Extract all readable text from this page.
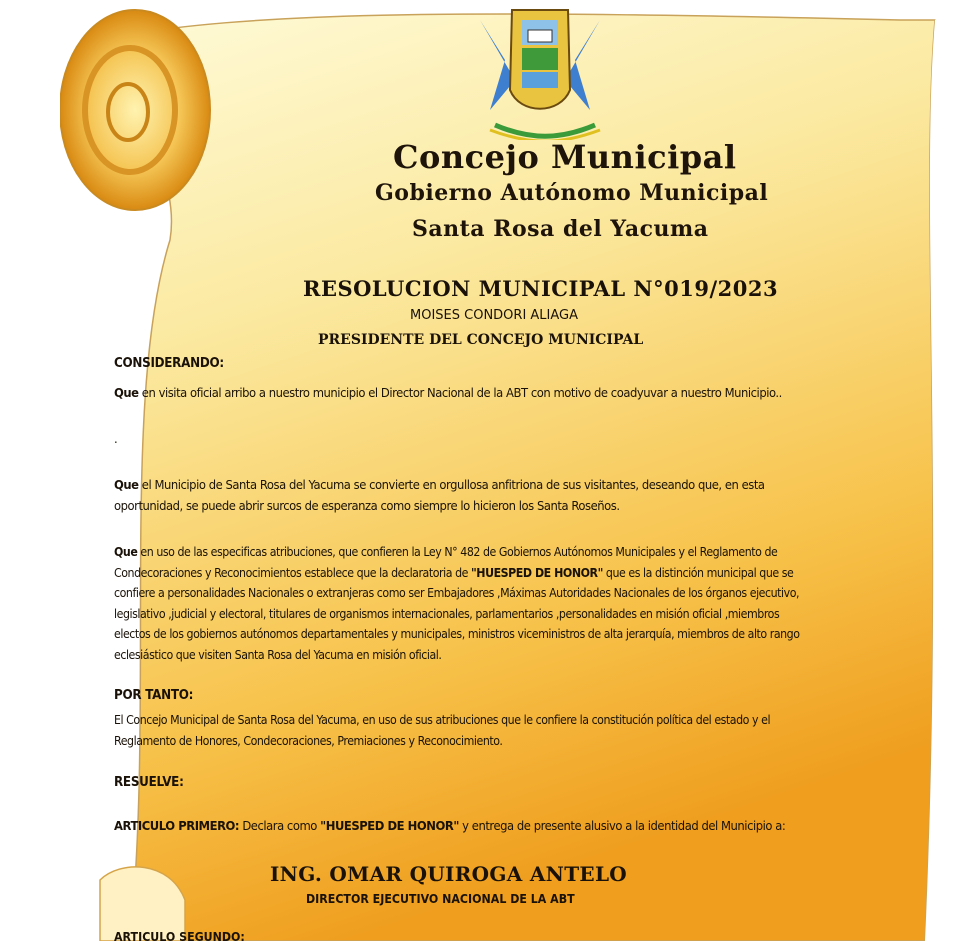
Concejo Municipal
Gobierno Autónomo Municipal
Santa Rosa del Yacuma
RESOLUCION MUNICIPAL N°019/2023
MOISES CONDORI ALIAGA
PRESIDENTE DEL CONCEJO MUNICIPAL
CONSIDERANDO:
Que en visita oficial arribo a nuestro municipio el Director Nacional de la ABT con motivo de coadyuvar a nuestro Municipio..
.
Que el Municipio de Santa Rosa del Yacuma se convierte en orgullosa anfitriona de sus visitantes, deseando que, en esta oportunidad, se puede abrir surcos de esperanza como siempre lo hicieron los Santa Roseños.
Que en uso de las especificas atribuciones, que confieren la Ley N° 482 de Gobiernos Autónomos Municipales y el Reglamento de Condecoraciones y Reconocimientos establece que la declaratoria de "HUESPED DE HONOR" que es la distinción municipal que se confiere a personalidades Nacionales o extranjeras como ser Embajadores ,Máximas Autoridades Nacionales de los órganos ejecutivo, legislativo ,judicial y electoral, titulares de organismos internacionales, parlamentarios ,personalidades en misión oficial ,miembros electos de los gobiernos autónomos departamentales y municipales, ministros viceministros de alta jerarquía, miembros de alto rango eclesiástico que visiten Santa Rosa del Yacuma en misión oficial.
POR TANTO:
El Concejo Municipal de Santa Rosa del Yacuma, en uso de sus atribuciones que le confiere la constitución política del estado y el Reglamento de Honores, Condecoraciones, Premiaciones y Reconocimiento.
RESUELVE:
ARTICULO PRIMERO: Declara como "HUESPED DE HONOR" y entrega de presente alusivo a la identidad del Municipio a:
ING. OMAR QUIROGA ANTELO
DIRECTOR EJECUTIVO NACIONAL DE LA ABT
ARTICULO SEGUNDO:
